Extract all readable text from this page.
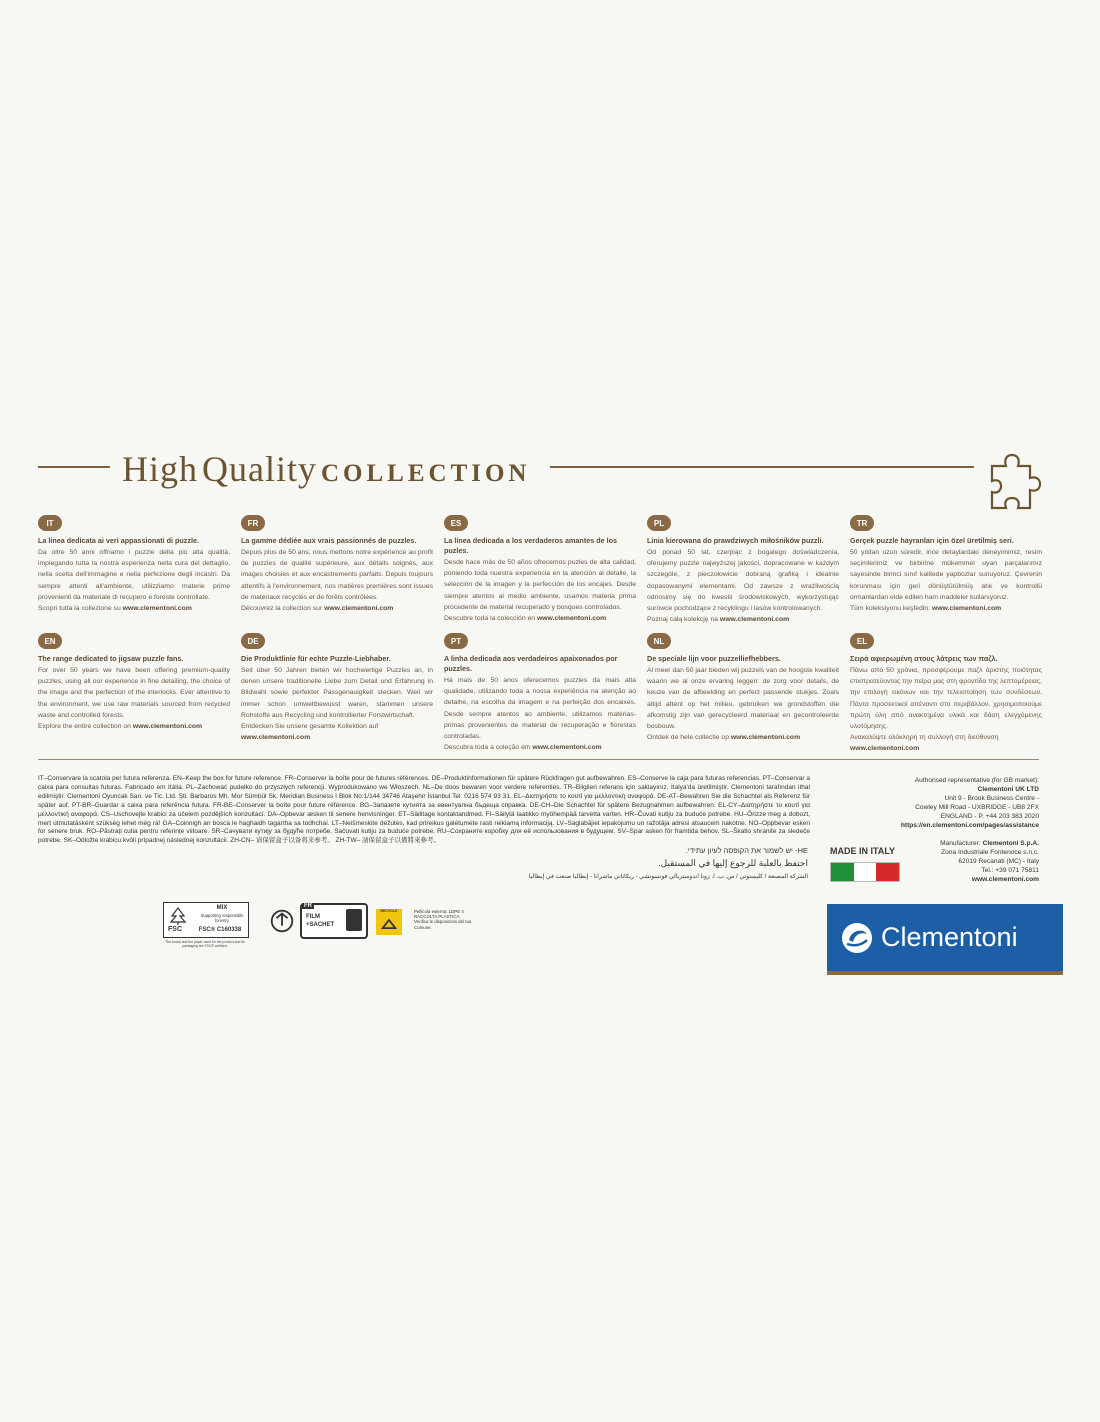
High Quality COLLECTION
IT
La linea dedicata ai veri appassionati di puzzle.
Da oltre 50 anni offriamo i puzzle della più alta qualità, impiegando tutta la nostra esperienza nella cura del dettaglio, nella scelta dell'immagine e nella perfezione degli incastri. Da sempre attenti all'ambiente, utilizziamo materie prime provenienti da materiale di recupero e foreste controllate.
Scopri tutta la collezione su www.clementoni.com
FR
La gamme dédiée aux vrais passionnés de puzzles.
Depuis plus de 50 ans, nous mettons notre expérience au profit de puzzles de qualité supérieure, aux détails soignés, aux images choisies et aux encastrements parfaits. Depuis toujours attentifs à l'environnement, nos matières premières sont issues de matériaux recyclés et de forêts contrôlées.
Découvrez la collection sur www.clementoni.com
ES
La línea dedicada a los verdaderos amantes de los puzles.
Desde hace más de 50 años ofrecemos puzles de alta calidad, poniendo toda nuestra experiencia en la atención al detalle, la selección de la imagen y la perfección de los encajes. Desde siempre atentos al medio ambiente, usamos materia prima procedente de material recuperado y bosques controlados.
Descubre toda la colección en www.clementoni.com
PL
Linia kierowana do prawdziwych miłośników puzzli.
Od ponad 50 lat, czerpiąc z bogatego doświadczenia, oferujemy puzzle najwyższej jakości, dopracowane w każdym szczególe, z pieczołowicie dobraną grafiką i idealnie dopasowanymi elementami. Od zawsze z wrażliwością odnosimy się do kwestii środowiskowych, wykorzystując surowce pochodzące z recyklingu i lasów kontrolowanych.
Poznaj całą kolekcję na www.clementoni.com
TR
Gerçek puzzle hayranları için özel üretilmiş seri.
50 yıldan uzun süredir, ince detaylardaki deneyimimiz, resim seçimlerimiz ve birbirine mükemmel uyan parçalarımız sayesinde birinci sınıf kalitede yapbozlar sunuyoruz. Çevrenin korunması için geri dönüştürülmüş atık ve kontrollü ormanlardan elde edilen ham maddeler kullanıyoruz.
Tüm koleksiyonu keşfedin: www.clementoni.com
EN
The range dedicated to jigsaw puzzle fans.
For over 50 years we have been offering premium-quality puzzles, using all our experience in fine detailing, the choice of the image and the perfection of the interlocks. Ever attentive to the environment, we use raw materials sourced from recycled waste and controlled forests.
Explore the entire collection on www.clementoni.com
DE
Die Produktlinie für echte Puzzle-Liebhaber.
Seit über 50 Jahren bieten wir hochwertige Puzzles an, in denen unsere traditionelle Liebe zum Detail und Erfahrung in Bildwahl sowie perfekter Passgenauigkeit stecken. Weil wir immer schon umweltbewusst waren, stammen unsere Rohstoffe aus Recycling und kontrollierter Forstwirtschaft.
Entdecken Sie unsere gesamte Kollektion auf www.clementoni.com
PT
A linha dedicada aos verdadeiros apaixonados por puzzles.
Há mais de 50 anos oferecemos puzzles da mais alta qualidade, utilizando toda a nossa experiência na atenção ao detalhe, na escolha da imagem e na perfeição dos encaixes. Desde sempre atentos ao ambiente, utilizamos matérias-primas provenientes de material de recuperação e florestas controladas.
Descubra toda a coleção em www.clementoni.com
NL
De speciale lijn voor puzzelliefhebbers.
Al meer dan 50 jaar bieden wij puzzels van de hoogste kwaliteit waarin we al onze ervaring leggen: de zorg voor details, de keuze van de afbeelding en perfect passende stukjes. Zoals altijd attent op het milieu, gebruiken we grondstoffen die afkomstig zijn van gerecycleerd materiaal en gecontroleerde bosbouw.
Ontdek de hele collectie op www.clementoni.com
EL
Σειρά αφιερωμένη στους λάτρεις των παζλ.
Πάνω από 50 χρόνια, προσφέρουμε παζλ άριστης ποιότητας επιστρατεύοντας την πείρα μας στη φροντίδα της λεπτομέρειας, την επιλογή εικόνων και την τελειοποίηση των συνδέσεων. Πάντα προσεκτικοί απέναντι στο περιβάλλον, χρησιμοποιούμε πρώτη ύλη από ανακτημένα υλικά και δάση ελεγχόμενης υλοτόμησης.
Ανακαλύψτε ολόκληρη τη συλλογή στη διεύθυνση www.clementoni.com
IT–Conservare la scatola per futura referenza. EN–Keep the box for future reference. FR–Conserver la boîte pour de futures références. DE–Produktinformationen für spätere Rückfragen gut aufbewahren. ES–Conserve la caja para futuras referencias. PT–Conservar a caixa para consultas futuras. Fabricado em Itália. PL–Zachować pudełko do przyszłych referencji. Wyprodukowano we Włoszech. NL–De doos bewaren voor verdere referenties. TR–Bilgileri referans için saklayınız. İtalya'da üretilmiştir. Clementoni tarafından ithal edilmiştir. Clementoni Oyuncak San. ve Tic. Ltd. Şti. Barbaros Mh. Mor Sümbül Sk. Meridian Business I Blok No:1/144 34746 Ataşehir İstanbul Tel: 0216 574 93 31. EL–Διατηρήστε το κουτί για μελλοντική αναφορά. DE-AT–Bewahren Sie die Schachtel als Referenz für später auf. PT-BR–Guardar a caixa para referência futura. FR-BE–Conserver la boîte pour future référence. BG–Запазете кутията за евентуална бъдеща справка. DE-CH–Die Schachtel für spätere Bezugnahmen aufbewahren. EL-CY–Διατηρήστε το κουτί για μελλοντική αναφορά. CS–Uschovejte krabici za účelem pozdějších konzultací. DA–Opbevar æsken til senere henvisninger. ET–Säilitage kontaktandmed. FI–Säilytä laatikko myöhempää tarvetta varten. HR–Čuvati kutiju za buduće potrebe. HU–Őrizze meg a dobozt, mert útmutatásként szükség lehet még rá! GA–Coinnigh an bosca le haghaidh tagartha sa todhchaí. LT–Neišmeskite dėžutės, kad prireikus galėtumėte rasti reikiamą informaciją. LV–Saglabājiet iepakojumu un ražotāja adresi atsaucem nakotne. NO–Oppbevar esken for senere bruk. RO–Păstrați cutia pentru referințe viitoare. SR–Сачувати кутију за будуће потребе. Sačuvati kutiju za buduće potrebe. RU–Сохраните коробку для её использования в будущем. SV–Spar asken för framtida behov. SL–Škatlo shranite za sledeče potrebe. SK–Odložte krabicu kvôli prípadnej následnej konzultácii. ZH-CN– 请保留盒子以备将来参考。 ZH-TW– 請保留盒子以備將來參考。
HE- יש לשמור את הקופסה לעיון עתידי.
احتفظ بالعلبة للرجوع إليها في المستقبل.
الشركة المصنعة / كليمنتوني / س. ب. ا. زونا اندوستريالي فونتينوتشي - ريكاناتي ماشراتا - إيطاليا صنعت في إيطاليا
Authorised representative (for GB market):
Clementoni UK LTD
Unit 9 - Brook Business Centre -
Cowley Mill Road - UXBRIDGE - UB8 2FX
ENGLAND - P. +44 203 383 2020
https://en.clementoni.com/pages/assistance
MADE IN ITALY
Manufacturer: Clementoni S.p.A.
Zona Industriale Fontenoce s.n.c.
62019 Recanati (MC) - Italy
Tel.: +39 071 75811
www.clementoni.com
FSC
MIX
Supporting responsible forestry
FSC® C160338
The board and the paper used for the product and its packaging are FSC® certified.
FR
FILM
+SACHET
RECYCLE	Pellicola esterna: LDPE 4 RACCOLTA PLASTICA. Verifica le disposizioni del tuo Comune.	Clementoni
